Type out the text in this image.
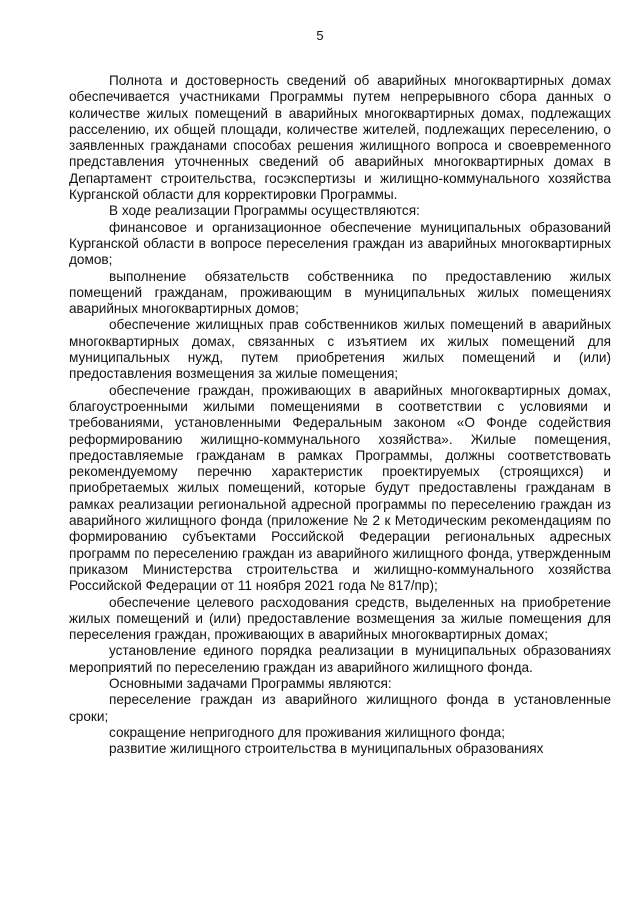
5

Полнота и достоверность сведений об аварийных многоквартирных домах обеспечивается участниками Программы путем непрерывного сбора данных о количестве жилых помещений в аварийных многоквартирных домах, подлежащих расселению, их общей площади, количестве жителей, подлежащих переселению, о заявленных гражданами способах решения жилищного вопроса и своевременного представления уточненных сведений об аварийных многоквартирных домах в Департамент строительства, госэкспертизы и жилищно-коммунального хозяйства Курганской области для корректировки Программы.

В ходе реализации Программы осуществляются:

финансовое и организационное обеспечение муниципальных образований Курганской области в вопросе переселения граждан из аварийных многоквартирных домов;

выполнение обязательств собственника по предоставлению жилых помещений гражданам, проживающим в муниципальных жилых помещениях аварийных многоквартирных домов;

обеспечение жилищных прав собственников жилых помещений в аварийных многоквартирных домах, связанных с изъятием их жилых помещений для муниципальных нужд, путем приобретения жилых помещений и (или) предоставления возмещения за жилые помещения;

обеспечение граждан, проживающих в аварийных многоквартирных домах, благоустроенными жилыми помещениями в соответствии с условиями и требованиями, установленными Федеральным законом «О Фонде содействия реформированию жилищно-коммунального хозяйства». Жилые помещения, предоставляемые гражданам в рамках Программы, должны соответствовать рекомендуемому перечню характеристик проектируемых (строящихся) и приобретаемых жилых помещений, которые будут предоставлены гражданам в рамках реализации региональной адресной программы по переселению граждан из аварийного жилищного фонда (приложение № 2 к Методическим рекомендациям по формированию субъектами Российской Федерации региональных адресных программ по переселению граждан из аварийного жилищного фонда, утвержденным приказом Министерства строительства и жилищно-коммунального хозяйства Российской Федерации от 11 ноября 2021 года № 817/пр);

обеспечение целевого расходования средств, выделенных на приобретение жилых помещений и (или) предоставление возмещения за жилые помещения для переселения граждан, проживающих в аварийных многоквартирных домах;

установление единого порядка реализации в муниципальных образованиях мероприятий по переселению граждан из аварийного жилищного фонда.

Основными задачами Программы являются:

переселение граждан из аварийного жилищного фонда в установленные сроки;

сокращение непригодного для проживания жилищного фонда;

развитие жилищного строительства в муниципальных образованиях
